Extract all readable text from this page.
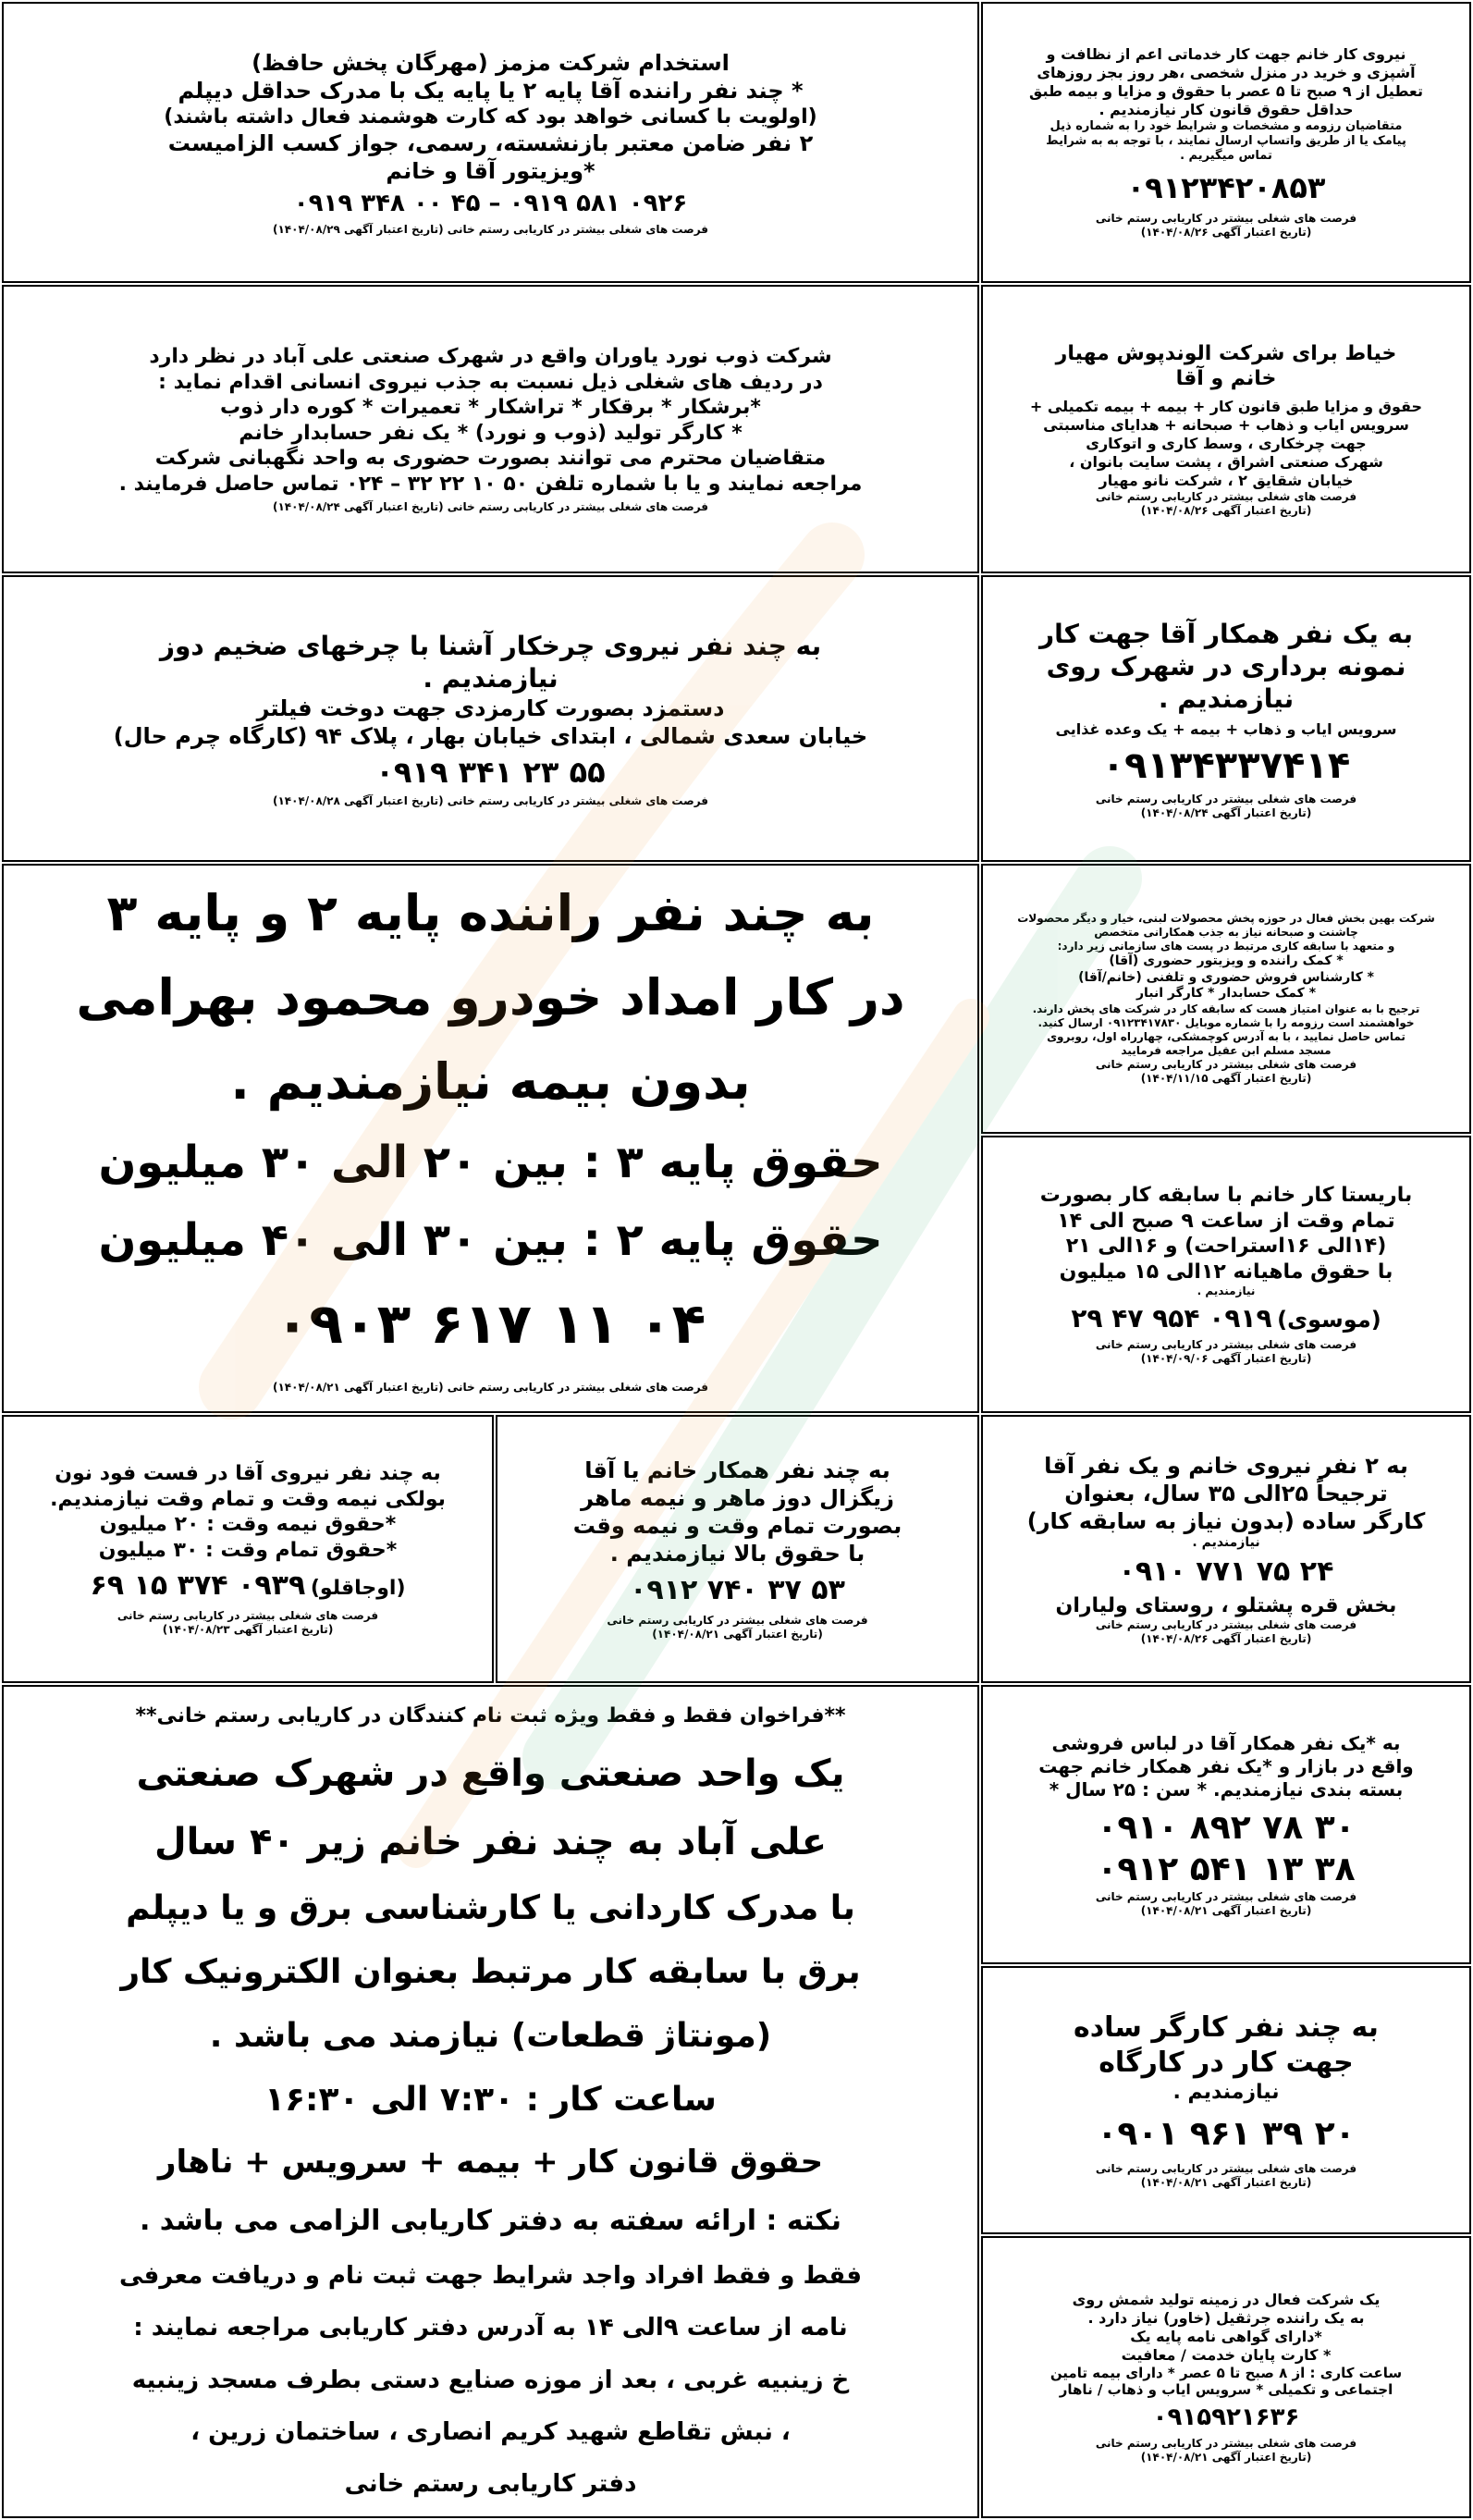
نیروی کار خانم جهت کار خدماتی اعم از نظافت و

آشپزی و خرید در منزل شخصی ،هر روز بجز روزهای

تعطیل از ۹ صبح تا ۵ عصر با حقوق و مزایا و بیمه طبق

حداقل حقوق قانون کار نیازمندیم .

متقاضیان رزومه و مشخصات و شرایط خود را به شماره ذیل

پیامک یا از طریق واتساپ ارسال نمایند ، با توجه به به شرایط

تماس میگیریم .

۰۹۱۲۳۴۲۰۸۵۳

فرصت های شغلی بیشتر در کاریابی رستم خانی

(تاریخ اعتبار آگهی ۱۴۰۴/۰۸/۲۶)

استخدام شرکت مزمز (مهرگان پخش حافظ)

* چند نفر راننده آقا پایه ۲ یا پایه یک با مدرک حداقل دیپلم

(اولویت با کسانی خواهد بود که کارت هوشمند فعال داشته باشند)

۲ نفر ضامن معتبر بازنشسته، رسمی، جواز کسب الزامیست

*ویزیتور آقا و خانم

۰۹۱۹ ۳۴۸ ۰۰ ۴۵ – ۰۹۱۹ ۵۸۱ ۰۹۲۶

فرصت های شغلی بیشتر در کاریابی رستم خانی (تاریخ اعتبار آگهی ۱۴۰۴/۰۸/۲۹)

خیاط برای شرکت الوندپوش مهیار

خانم و آقا

حقوق و مزایا طبق قانون کار + بیمه + بیمه تکمیلی +

سرویس ایاب و ذهاب + صبحانه + هدایای مناسبتی

جهت چرخکاری ، وسط کاری و اتوکاری

شهرک صنعتی اشراق ، پشت سایت بانوان ،

خیابان شقایق ۲ ، شرکت نانو مهیار

فرصت های شغلی بیشتر در کاریابی رستم خانی

(تاریخ اعتبار آگهی ۱۴۰۴/۰۸/۲۶)

شرکت ذوب نورد یاوران واقع در شهرک صنعتی علی آباد در نظر دارد

در ردیف های شغلی ذیل نسبت به جذب نیروی انسانی اقدام نماید :

*برشکار * برقکار * تراشکار * تعمیرات * کوره دار ذوب

* کارگر تولید (ذوب و نورد) * یک نفر حسابدار خانم

متقاضیان محترم می توانند بصورت حضوری به واحد نگهبانی شرکت

مراجعه نمایند و یا با شماره تلفن ۵۰ ۱۰ ۲۲ ۳۲ – ۰۲۴ تماس حاصل فرمایند .

فرصت های شغلی بیشتر در کاریابی رستم خانی (تاریخ اعتبار آگهی ۱۴۰۴/۰۸/۲۴)

به یک نفر همکار آقا جهت کار

نمونه برداری در شهرک روی

نیازمندیم .

سرویس ایاب و ذهاب + بیمه + یک وعده غذایی

۰۹۱۳۴۳۳۷۴۱۴

فرصت های شغلی بیشتر در کاریابی رستم خانی

(تاریخ اعتبار آگهی ۱۴۰۴/۰۸/۲۴)

به چند نفر نیروی چرخکار آشنا با چرخهای ضخیم دوز

نیازمندیم .

دستمزد بصورت کارمزدی جهت دوخت فیلتر

خیابان سعدی شمالی ، ابتدای خیابان بهار ، پلاک ۹۴ (کارگاه چرم حال)

۰۹۱۹ ۳۴۱ ۲۳ ۵۵

فرصت های شغلی بیشتر در کاریابی رستم خانی (تاریخ اعتبار آگهی ۱۴۰۴/۰۸/۲۸)

شرکت بهین بخش فعال در حوزه پخش محصولات لبنی، خیار و دیگر محصولات

چاشنت و صبحانه نیاز به جذب همکارانی متخصص

و متعهد با سابقه کاری مرتبط در پست های سازمانی زیر دارد:

* کمک راننده و ویزیتور حضوری (آقا)

* کارشناس فروش حضوری و تلفنی (خانم/آقا)

* کمک حسابدار * کارگر انبار

ترجیح با به عنوان امتیاز هست که سابقه کار در شرکت های پخش دارند.

خواهشمند است رزومه را با شماره موبایل ۰۹۱۲۳۴۱۷۸۳۰ ارسال کنید.

تماس حاصل نمایید ، با به آدرس کوچمشکی، چهارراه اول، روبروی

مسجد مسلم ابن عقیل مراجعه فرمایید

فرصت های شغلی بیشتر در کاریابی رستم خانی

(تاریخ اعتبار آگهی ۱۴۰۴/۱۱/۱۵)

به چند نفر راننده پایه ۲ و پایه ۳

در کار امداد خودرو محمود بهرامی

بدون بیمه نیازمندیم .

حقوق پایه ۳ : بین ۲۰ الی ۳۰ میلیون

حقوق پایه ۲ : بین ۳۰ الی ۴۰ میلیون

۰۹۰۳ ۶۱۷ ۱۱ ۰۴

فرصت های شغلی بیشتر در کاریابی رستم خانی (تاریخ اعتبار آگهی ۱۴۰۴/۰۸/۲۱)

باریستا کار خانم با سابقه کار بصورت

تمام وقت از ساعت ۹ صبح الی ۱۴

(۱۴الی ۱۶استراحت) و ۱۶الی ۲۱

با حقوق ماهیانه ۱۲الی ۱۵ میلیون

نیازمندیم .

(موسوی) ۰۹۱۹ ۹۵۴ ۴۷ ۲۹

فرصت های شغلی بیشتر در کاریابی رستم خانی

(تاریخ اعتبار آگهی ۱۴۰۴/۰۹/۰۶)

به ۲ نفر نیروی خانم و یک نفر آقا

ترجیحاً ۲۵الی ۳۵ سال، بعنوان

کارگر ساده (بدون نیاز به سابقه کار)

نیازمندیم .

۰۹۱۰ ۷۷۱ ۷۵ ۲۴

بخش قره پشتلو ، روستای ولیاران

فرصت های شغلی بیشتر در کاریابی رستم خانی

(تاریخ اعتبار آگهی ۱۴۰۴/۰۸/۲۶)

به چند نفر همکار خانم یا آقا

زیگزال دوز ماهر و نیمه ماهر

بصورت تمام وقت و نیمه وقت

با حقوق بالا نیازمندیم .

۰۹۱۲ ۷۴۰ ۳۷ ۵۳

فرصت های شغلی بیشتر در کاریابی رستم خانی

(تاریخ اعتبار آگهی ۱۴۰۴/۰۸/۲۱)

به چند نفر نیروی آقا در فست فود نون

بولکی نیمه وقت و تمام وقت نیازمندیم.

*حقوق نیمه وقت : ۲۰ میلیون

*حقوق تمام وقت : ۳۰ میلیون

(اوجاقلو) ۰۹۳۹ ۳۷۴ ۱۵ ۶۹

فرصت های شغلی بیشتر در کاریابی رستم خانی

(تاریخ اعتبار آگهی ۱۴۰۴/۰۸/۲۳)

به *یک نفر همکار آقا در لباس فروشی

واقع در بازار و *یک نفر همکار خانم جهت

بسته بندی نیازمندیم. * سن : ۲۵ سال *

۰۹۱۰ ۸۹۲ ۷۸ ۳۰

۰۹۱۲ ۵۴۱ ۱۳ ۳۸

فرصت های شغلی بیشتر در کاریابی رستم خانی

(تاریخ اعتبار آگهی ۱۴۰۴/۰۸/۲۱)

**فراخوان فقط و فقط ویژه ثبت نام کنندگان در کاریابی رستم خانی**

یک واحد صنعتی واقع در شهرک صنعتی

علی آباد به چند نفر خانم زیر ۴۰ سال

با مدرک کاردانی یا کارشناسی برق و یا دیپلم

برق با سابقه کار مرتبط بعنوان الکترونیک کار

(مونتاژ قطعات) نیازمند می باشد .

ساعت کار : ۷:۳۰ الی ۱۶:۳۰

حقوق قانون کار + بیمه + سرویس + ناهار

نکته : ارائه سفته به دفتر کاریابی الزامی می باشد .

فقط و فقط افراد واجد شرایط جهت ثبت نام و دریافت معرفی

نامه از ساعت ۹الی ۱۴ به آدرس دفتر کاریابی مراجعه نمایند :

خ زینبیه غربی ، بعد از موزه صنایع دستی بطرف مسجد زینبیه

، نبش تقاطع شهید کریم انصاری ، ساختمان زرین ،

دفتر کاریابی رستم خانی

به چند نفر کارگر ساده

جهت کار در کارگاه

نیازمندیم .

۰۹۰۱ ۹۶۱ ۳۹ ۲۰

فرصت های شغلی بیشتر در کاریابی رستم خانی

(تاریخ اعتبار آگهی ۱۴۰۴/۰۸/۲۱)

یک شرکت فعال در زمینه تولید شمش روی

به یک راننده جرثقیل (خاور) نیاز دارد .

*دارای گواهی نامه پایه یک

* کارت پایان خدمت / معافیت

ساعت کاری : از ۸ صبح تا ۵ عصر * دارای بیمه تامین

اجتماعی و تکمیلی * سرویس ایاب و ذهاب / ناهار

۰۹۱۵۹۲۱۶۳۶

فرصت های شغلی بیشتر در کاریابی رستم خانی

(تاریخ اعتبار آگهی ۱۴۰۴/۰۸/۲۱)
